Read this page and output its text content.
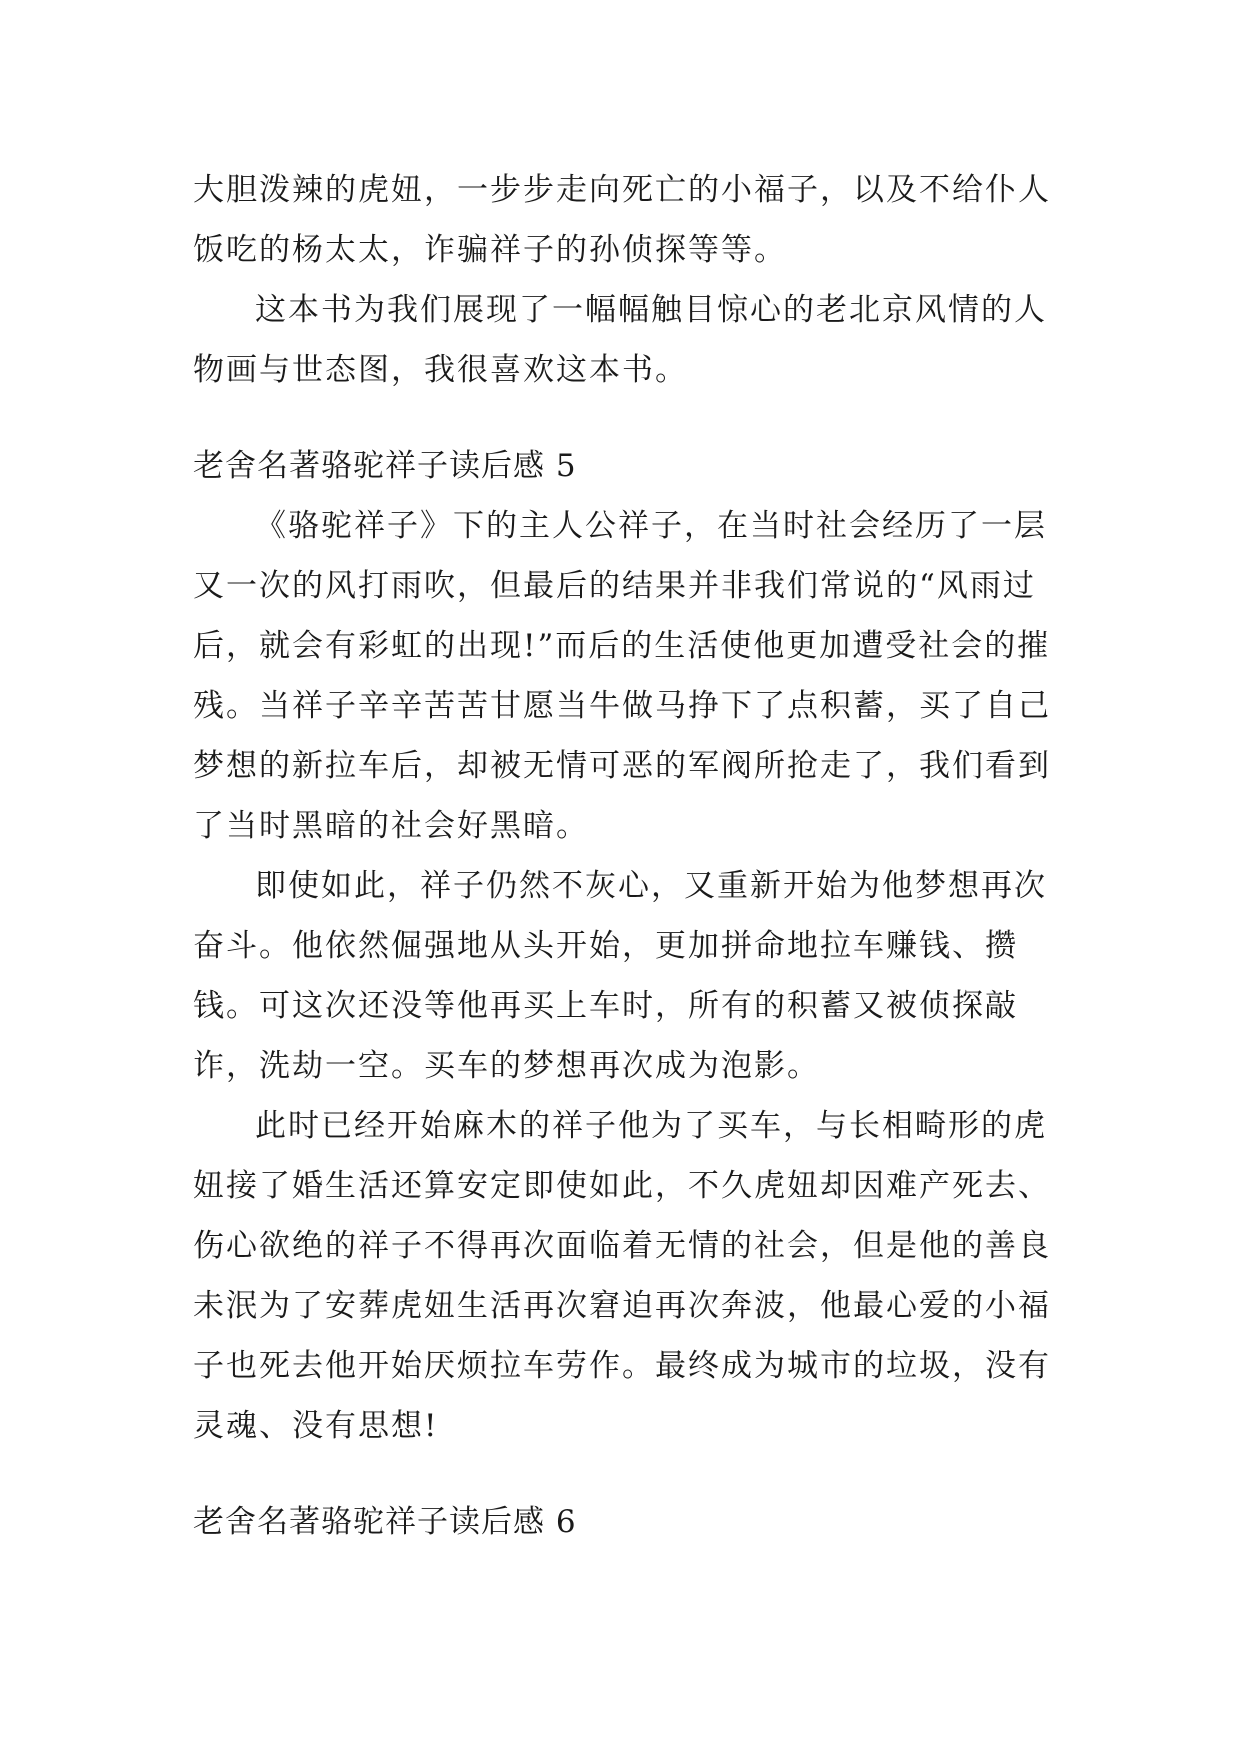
大胆泼辣的虎妞，一步步走向死亡的小福子，以及不给仆人饭吃的杨太太，诈骗祥子的孙侦探等等。

这本书为我们展现了一幅幅触目惊心的老北京风情的人物画与世态图，我很喜欢这本书。

老舍名著骆驼祥子读后感 5

《骆驼祥子》下的主人公祥子，在当时社会经历了一层又一次的风打雨吹，但最后的结果并非我们常说的“风雨过后，就会有彩虹的出现!”而后的生活使他更加遭受社会的摧残。当祥子辛辛苦苦甘愿当牛做马挣下了点积蓄，买了自己梦想的新拉车后，却被无情可恶的军阀所抢走了，我们看到了当时黑暗的社会好黑暗。

即使如此，祥子仍然不灰心，又重新开始为他梦想再次奋斗。他依然倔强地从头开始，更加拼命地拉车赚钱、攒钱。可这次还没等他再买上车时，所有的积蓄又被侦探敲诈，洗劫一空。买车的梦想再次成为泡影。

此时已经开始麻木的祥子他为了买车，与长相畸形的虎妞接了婚生活还算安定即使如此，不久虎妞却因难产死去、伤心欲绝的祥子不得再次面临着无情的社会，但是他的善良未泯为了安葬虎妞生活再次窘迫再次奔波，他最心爱的小福子也死去他开始厌烦拉车劳作。最终成为城市的垃圾，没有灵魂、没有思想!

老舍名著骆驼祥子读后感 6
